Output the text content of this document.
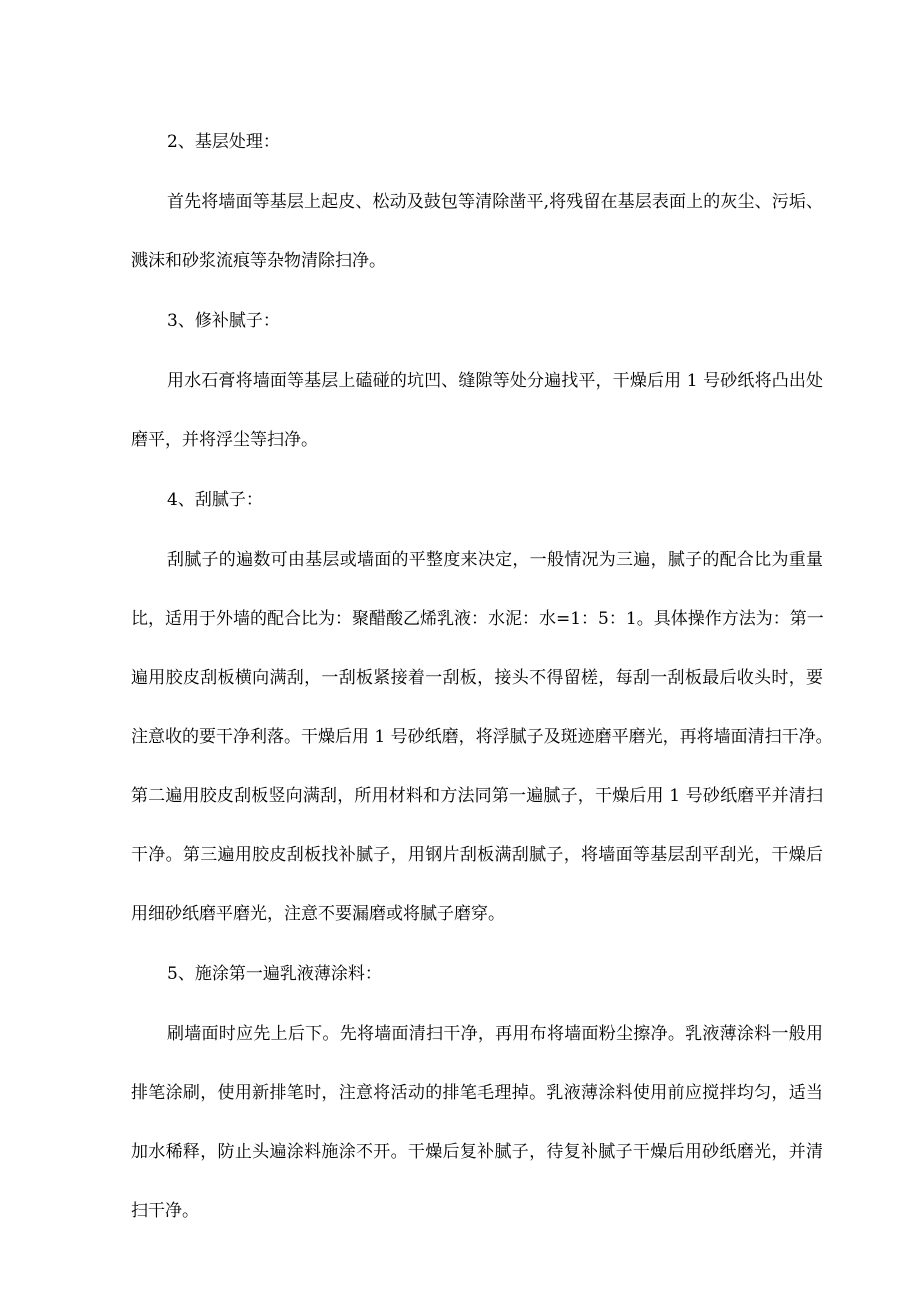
2、基层处理：
首先将墙面等基层上起皮、松动及鼓包等清除凿平,将残留在基层表面上的灰尘、污垢、
溅沫和砂浆流痕等杂物清除扫净。
3、修补腻子：
用水石膏将墙面等基层上磕碰的坑凹、缝隙等处分遍找平，干燥后用 1 号砂纸将凸出处
磨平，并将浮尘等扫净。
4、刮腻子：
刮腻子的遍数可由基层或墙面的平整度来决定，一般情况为三遍，腻子的配合比为重量
比，适用于外墙的配合比为：聚醋酸乙烯乳液：水泥：水=1：5：1。具体操作方法为：第一
遍用胶皮刮板横向满刮，一刮板紧接着一刮板，接头不得留槎，每刮一刮板最后收头时，要
注意收的要干净利落。干燥后用 1 号砂纸磨，将浮腻子及斑迹磨平磨光，再将墙面清扫干净。
第二遍用胶皮刮板竖向满刮，所用材料和方法同第一遍腻子，干燥后用 1 号砂纸磨平并清扫
干净。第三遍用胶皮刮板找补腻子，用钢片刮板满刮腻子，将墙面等基层刮平刮光，干燥后
用细砂纸磨平磨光，注意不要漏磨或将腻子磨穿。
5、施涂第一遍乳液薄涂料：
刷墙面时应先上后下。先将墙面清扫干净，再用布将墙面粉尘擦净。乳液薄涂料一般用
排笔涂刷，使用新排笔时，注意将活动的排笔毛理掉。乳液薄涂料使用前应搅拌均匀，适当
加水稀释，防止头遍涂料施涂不开。干燥后复补腻子，待复补腻子干燥后用砂纸磨光，并清
扫干净。
